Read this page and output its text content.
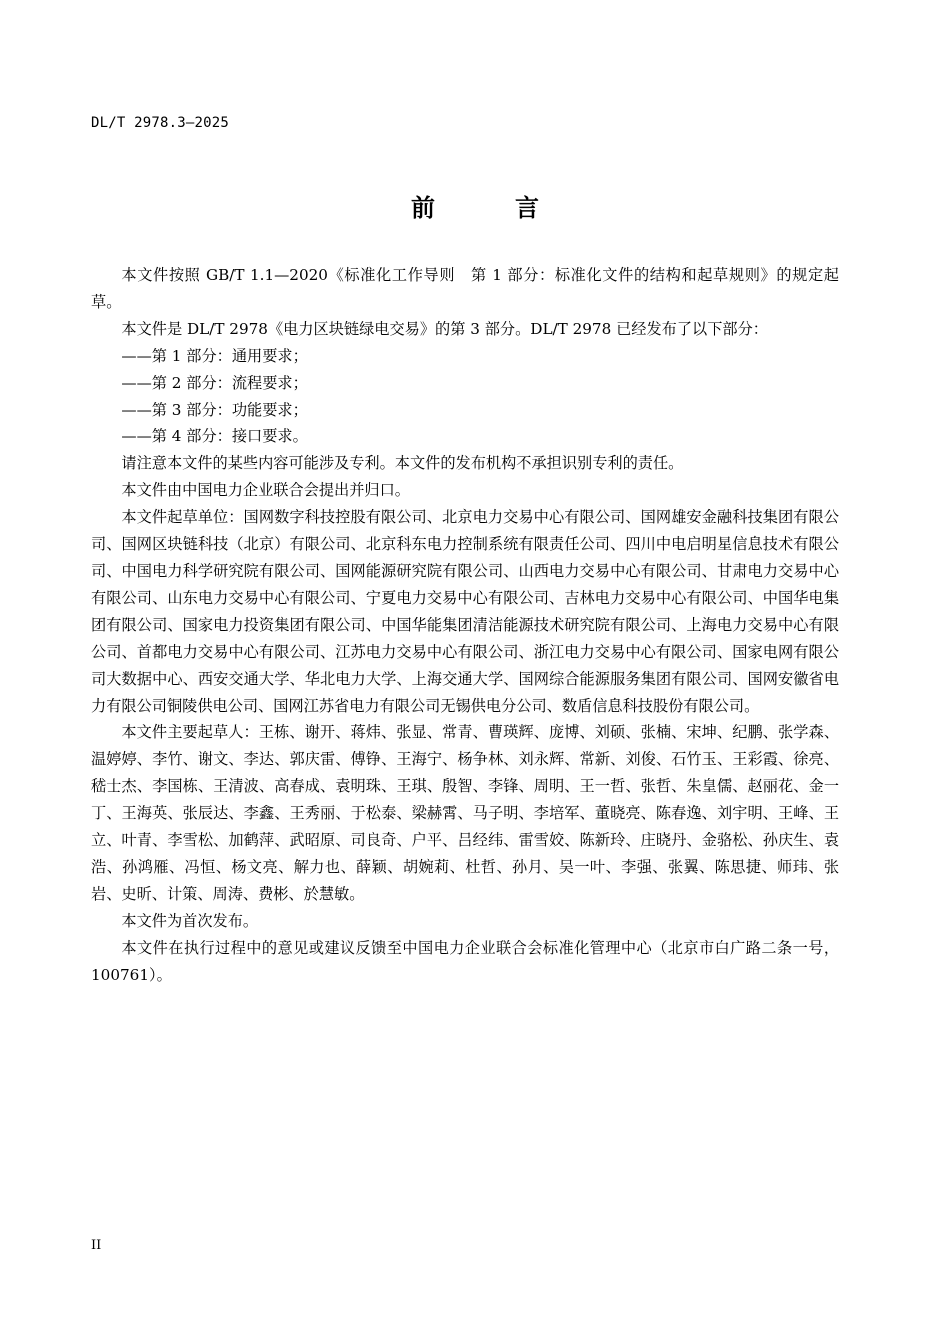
DL/T 2978.3—2025
前　言

本文件按照 GB/T 1.1—2020《标准化工作导则　第 1 部分：标准化文件的结构和起草规则》的规定起草。

本文件是 DL/T 2978《电力区块链绿电交易》的第 3 部分。DL/T 2978 已经发布了以下部分：

——第 1 部分：通用要求；

——第 2 部分：流程要求；

——第 3 部分：功能要求；

——第 4 部分：接口要求。

请注意本文件的某些内容可能涉及专利。本文件的发布机构不承担识别专利的责任。

本文件由中国电力企业联合会提出并归口。

本文件起草单位：国网数字科技控股有限公司、北京电力交易中心有限公司、国网雄安金融科技集团有限公司、国网区块链科技（北京）有限公司、北京科东电力控制系统有限责任公司、四川中电启明星信息技术有限公司、中国电力科学研究院有限公司、国网能源研究院有限公司、山西电力交易中心有限公司、甘肃电力交易中心有限公司、山东电力交易中心有限公司、宁夏电力交易中心有限公司、吉林电力交易中心有限公司、中国华电集团有限公司、国家电力投资集团有限公司、中国华能集团清洁能源技术研究院有限公司、上海电力交易中心有限公司、首都电力交易中心有限公司、江苏电力交易中心有限公司、浙江电力交易中心有限公司、国家电网有限公司大数据中心、西安交通大学、华北电力大学、上海交通大学、国网综合能源服务集团有限公司、国网安徽省电力有限公司铜陵供电公司、国网江苏省电力有限公司无锡供电分公司、数盾信息科技股份有限公司。

本文件主要起草人：王栋、谢开、蒋炜、张显、常青、曹瑛辉、庞博、刘硕、张楠、宋坤、纪鹏、张学森、温婷婷、李竹、谢文、李达、郭庆雷、傅铮、王海宁、杨争林、刘永辉、常新、刘俊、石竹玉、王彩霞、徐亮、嵇士杰、李国栋、王清波、高春成、袁明珠、王琪、殷智、李锋、周明、王一哲、张哲、朱皇儒、赵丽花、金一丁、王海英、张辰达、李鑫、王秀丽、于松泰、梁赫霄、马子明、李培军、董晓亮、陈春逸、刘宇明、王峰、王立、叶青、李雪松、加鹤萍、武昭原、司良奇、户平、吕经纬、雷雪姣、陈新玲、庄晓丹、金骆松、孙庆生、袁浩、孙鸿雁、冯恒、杨文亮、解力也、薛颖、胡婉莉、杜哲、孙月、吴一叶、李强、张翼、陈思捷、师玮、张岩、史昕、计策、周涛、费彬、於慧敏。

本文件为首次发布。

本文件在执行过程中的意见或建议反馈至中国电力企业联合会标准化管理中心（北京市白广路二条一号，100761）。

II
